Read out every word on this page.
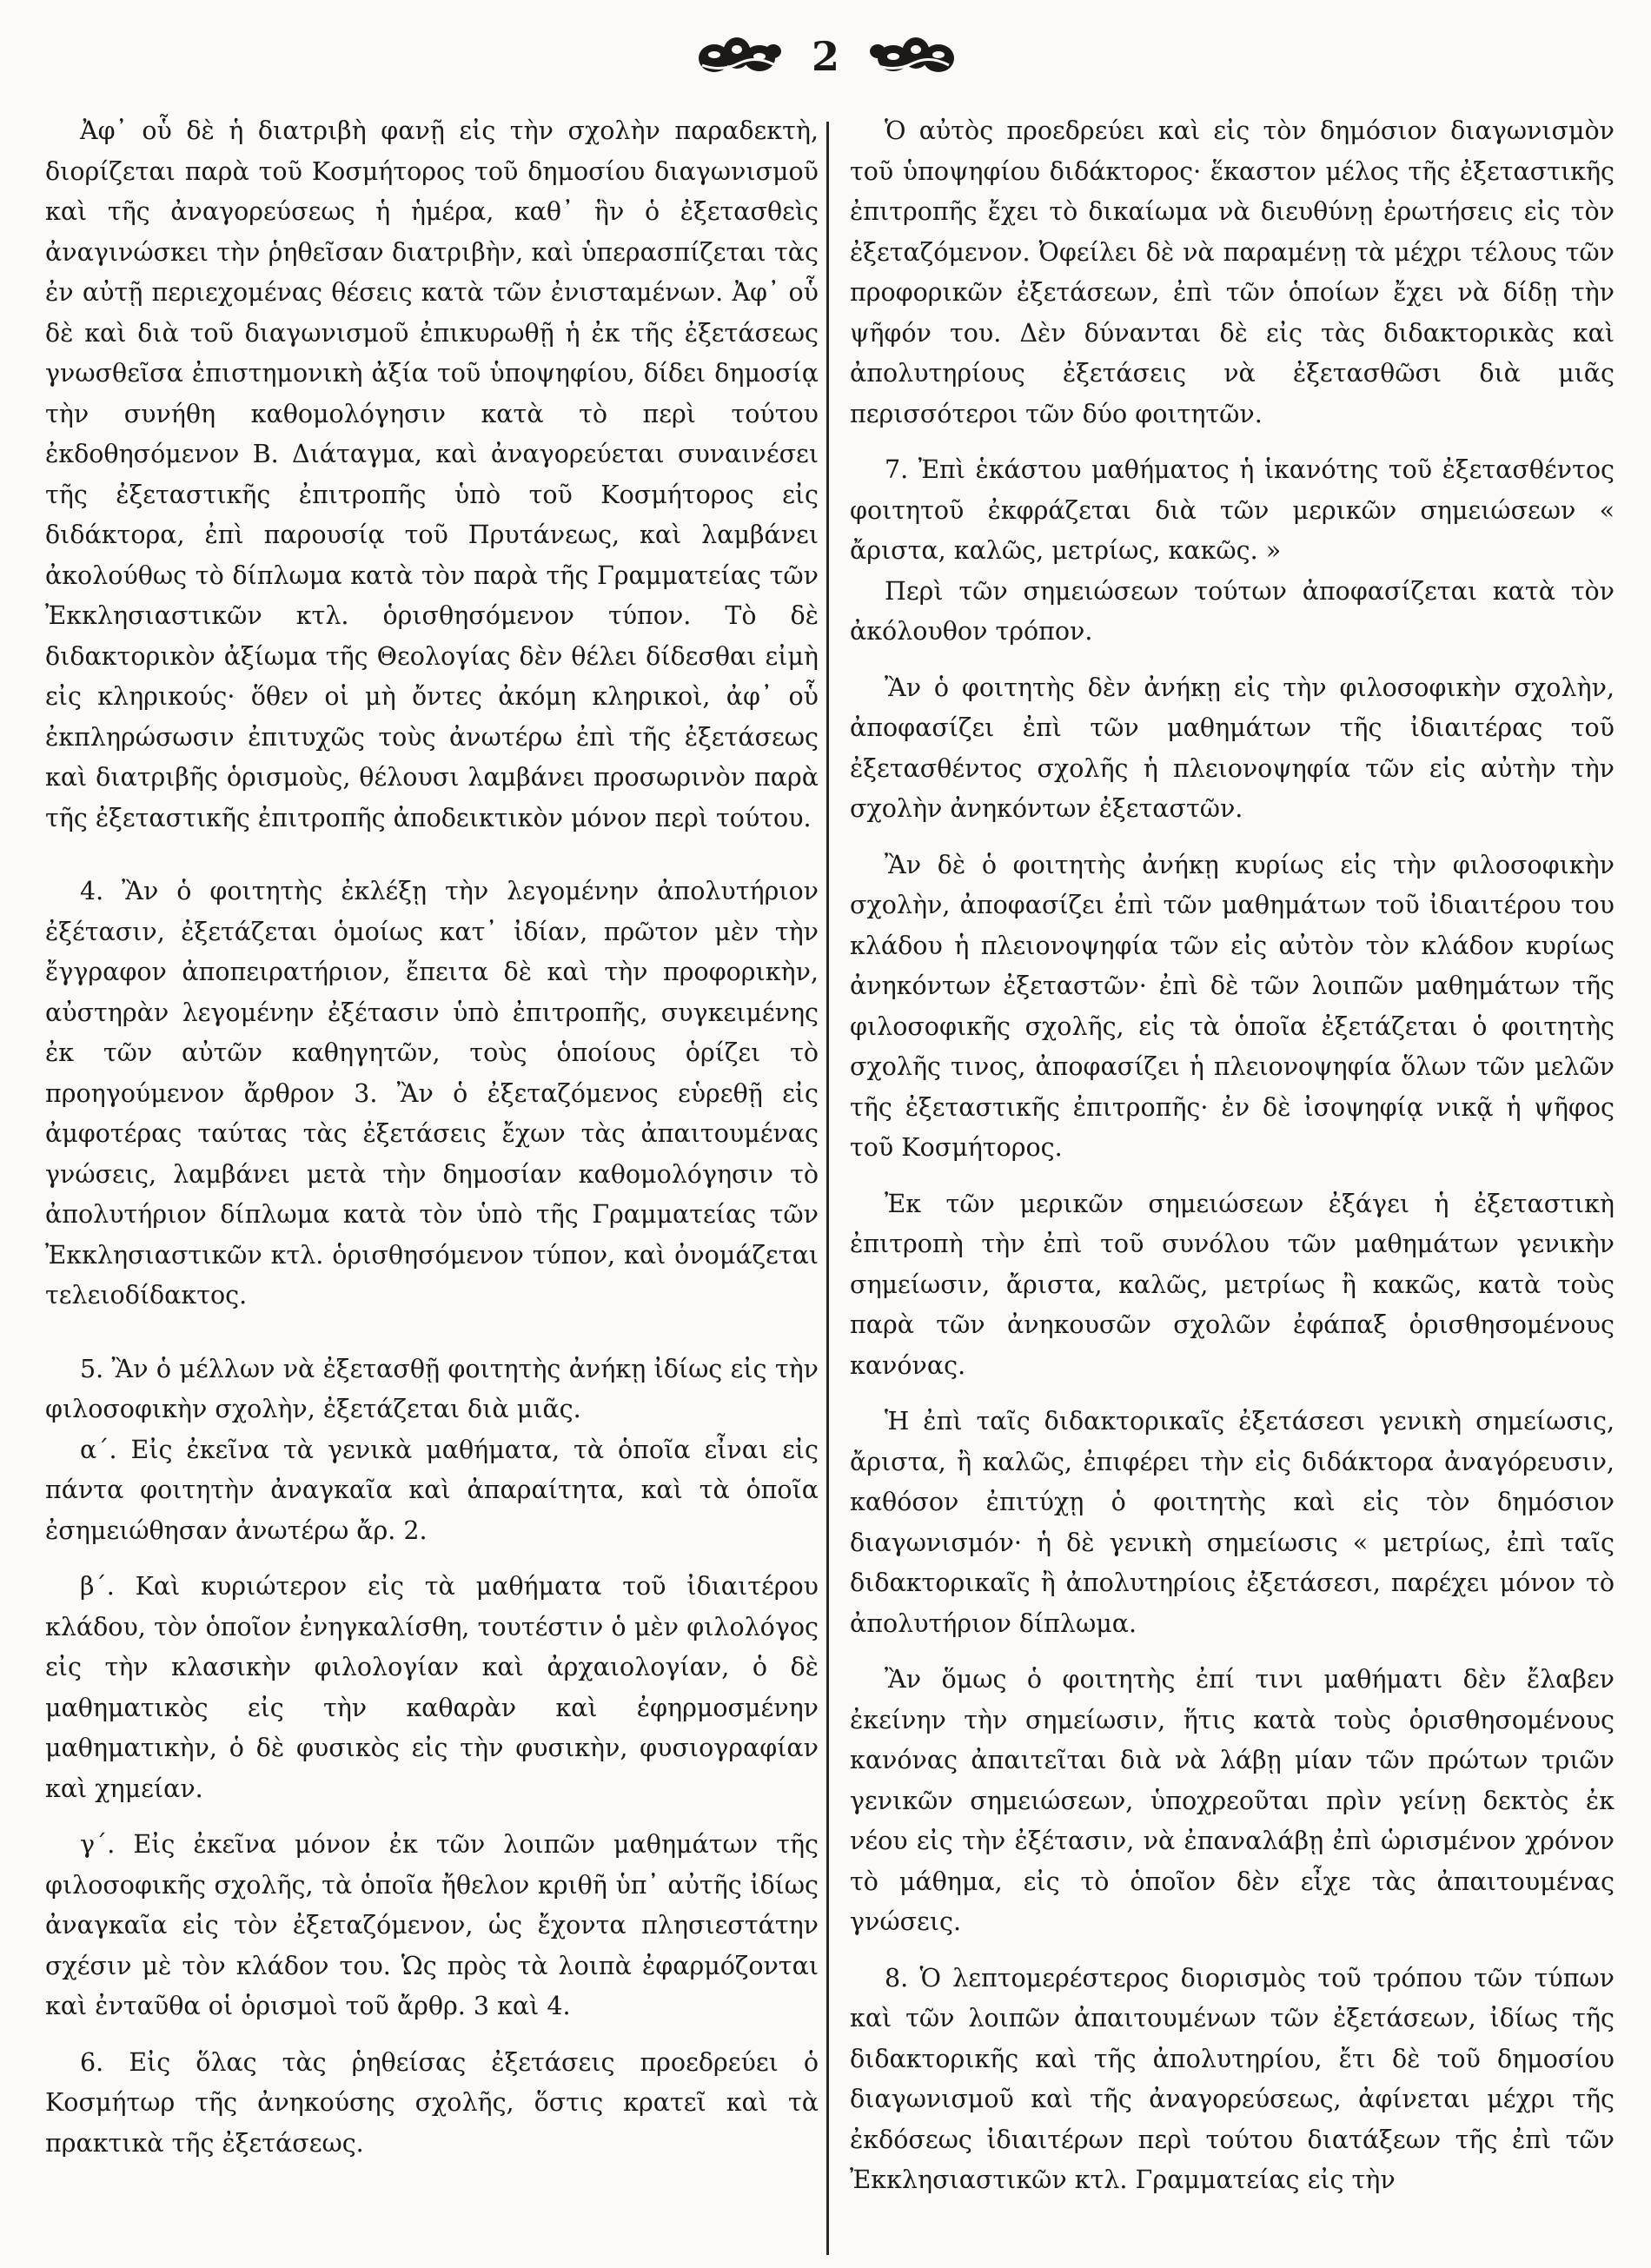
2

Ἀφ᾽ οὗ δὲ ἡ διατριβὴ φανῇ εἰς τὴν σχολὴν παραδεκτὴ, διορίζεται παρὰ τοῦ Κοσμήτορος τοῦ δημοσίου διαγωνισμοῦ καὶ τῆς ἀναγορεύσεως ἡ ἡμέρα, καθ᾽ ἣν ὁ ἐξετασθεὶς ἀναγινώσκει τὴν ῥηθεῖσαν διατριβὴν, καὶ ὑπερασπίζεται τὰς ἐν αὐτῇ περιεχομένας θέσεις κατὰ τῶν ἐνισταμένων. Ἀφ᾽ οὗ δὲ καὶ διὰ τοῦ διαγωνισμοῦ ἐπικυρωθῇ ἡ ἐκ τῆς ἐξετάσεως γνωσθεῖσα ἐπιστημονικὴ ἀξία τοῦ ὑποψηφίου, δίδει δημοσίᾳ τὴν συνήθη καθομολόγησιν κατὰ τὸ περὶ τούτου ἐκδοθησόμενον Β. Διάταγμα, καὶ ἀναγορεύεται συναινέσει τῆς ἐξεταστικῆς ἐπιτροπῆς ὑπὸ τοῦ Κοσμήτορος εἰς διδάκτορα, ἐπὶ παρουσίᾳ τοῦ Πρυτάνεως, καὶ λαμβάνει ἀκολούθως τὸ δίπλωμα κατὰ τὸν παρὰ τῆς Γραμματείας τῶν Ἐκκλησιαστικῶν κτλ. ὁρισθησόμενον τύπον. Τὸ δὲ διδακτορικὸν ἀξίωμα τῆς Θεολογίας δὲν θέλει δίδεσθαι εἰμὴ εἰς κληρικούς· ὅθεν οἱ μὴ ὄντες ἀκόμη κληρικοὶ, ἀφ᾽ οὗ ἐκπληρώσωσιν ἐπιτυχῶς τοὺς ἀνωτέρω ἐπὶ τῆς ἐξετάσεως καὶ διατριβῆς ὁρισμοὺς, θέλουσι λαμβάνει προσωρινὸν παρὰ τῆς ἐξεταστικῆς ἐπιτροπῆς ἀποδεικτικὸν μόνον περὶ τούτου.

4. Ἂν ὁ φοιτητὴς ἐκλέξῃ τὴν λεγομένην ἀπολυτήριον ἐξέτασιν, ἐξετάζεται ὁμοίως κατ᾽ ἰδίαν, πρῶτον μὲν τὴν ἔγγραφον ἀποπειρατήριον, ἔπειτα δὲ καὶ τὴν προφορικὴν, αὐστηρὰν λεγομένην ἐξέτασιν ὑπὸ ἐπιτροπῆς, συγκειμένης ἐκ τῶν αὐτῶν καθηγητῶν, τοὺς ὁποίους ὁρίζει τὸ προηγούμενον ἄρθρον 3. Ἂν ὁ ἐξεταζόμενος εὑρεθῇ εἰς ἀμφοτέρας ταύτας τὰς ἐξετάσεις ἔχων τὰς ἀπαιτουμένας γνώσεις, λαμβάνει μετὰ τὴν δημοσίαν καθομολόγησιν τὸ ἀπολυτήριον δίπλωμα κατὰ τὸν ὑπὸ τῆς Γραμματείας τῶν Ἐκκλησιαστικῶν κτλ. ὁρισθησόμενον τύπον, καὶ ὀνομάζεται τελειοδίδακτος.

5. Ἂν ὁ μέλλων νὰ ἐξετασθῇ φοιτητὴς ἀνήκῃ ἰδίως εἰς τὴν φιλοσοφικὴν σχολὴν, ἐξετάζεται διὰ μιᾶς.

α΄. Εἰς ἐκεῖνα τὰ γενικὰ μαθήματα, τὰ ὁποῖα εἶναι εἰς πάντα φοιτητὴν ἀναγκαῖα καὶ ἀπαραίτητα, καὶ τὰ ὁποῖα ἐσημειώθησαν ἀνωτέρω ἄρ. 2.

β΄. Καὶ κυριώτερον εἰς τὰ μαθήματα τοῦ ἰδιαιτέρου κλάδου, τὸν ὁποῖον ἐνηγκαλίσθη, τουτέστιν ὁ μὲν φιλολόγος εἰς τὴν κλασικὴν φιλολογίαν καὶ ἀρχαιολογίαν, ὁ δὲ μαθηματικὸς εἰς τὴν καθαρὰν καὶ ἐφηρμοσμένην μαθηματικὴν, ὁ δὲ φυσικὸς εἰς τὴν φυσικὴν, φυσιογραφίαν καὶ χημείαν.

γ΄. Εἰς ἐκεῖνα μόνον ἐκ τῶν λοιπῶν μαθημάτων τῆς φιλοσοφικῆς σχολῆς, τὰ ὁποῖα ἤθελον κριθῆ ὑπ᾽ αὐτῆς ἰδίως ἀναγκαῖα εἰς τὸν ἐξεταζόμενον, ὡς ἔχοντα πλησιεστάτην σχέσιν μὲ τὸν κλάδον του. Ὡς πρὸς τὰ λοιπὰ ἐφαρμόζονται καὶ ἐνταῦθα οἱ ὁρισμοὶ τοῦ ἄρθρ. 3 καὶ 4.

6. Εἰς ὅλας τὰς ῥηθείσας ἐξετάσεις προεδρεύει ὁ Κοσμήτωρ τῆς ἀνηκούσης σχολῆς, ὅστις κρατεῖ καὶ τὰ πρακτικὰ τῆς ἐξετάσεως.

Ὁ αὐτὸς προεδρεύει καὶ εἰς τὸν δημόσιον διαγωνισμὸν τοῦ ὑποψηφίου διδάκτορος· ἕκαστον μέλος τῆς ἐξεταστικῆς ἐπιτροπῆς ἔχει τὸ δικαίωμα νὰ διευθύνῃ ἐρωτήσεις εἰς τὸν ἐξεταζόμενον. Ὀφείλει δὲ νὰ παραμένῃ τὰ μέχρι τέλους τῶν προφορικῶν ἐξετάσεων, ἐπὶ τῶν ὁποίων ἔχει νὰ δίδῃ τὴν ψῆφόν του. Δὲν δύνανται δὲ εἰς τὰς διδακτορικὰς καὶ ἀπολυτηρίους ἐξετάσεις νὰ ἐξετασθῶσι διὰ μιᾶς περισσότεροι τῶν δύο φοιτητῶν.

7. Ἐπὶ ἑκάστου μαθήματος ἡ ἱκανότης τοῦ ἐξετασθέντος φοιτητοῦ ἐκφράζεται διὰ τῶν μερικῶν σημειώσεων « ἄριστα, καλῶς, μετρίως, κακῶς. »

Περὶ τῶν σημειώσεων τούτων ἀποφασίζεται κατὰ τὸν ἀκόλουθον τρόπον.

Ἂν ὁ φοιτητὴς δὲν ἀνήκῃ εἰς τὴν φιλοσοφικὴν σχολὴν, ἀποφασίζει ἐπὶ τῶν μαθημάτων τῆς ἰδιαιτέρας τοῦ ἐξετασθέντος σχολῆς ἡ πλειονοψηφία τῶν εἰς αὐτὴν τὴν σχολὴν ἀνηκόντων ἐξεταστῶν.

Ἂν δὲ ὁ φοιτητὴς ἀνήκῃ κυρίως εἰς τὴν φιλοσοφικὴν σχολὴν, ἀποφασίζει ἐπὶ τῶν μαθημάτων τοῦ ἰδιαιτέρου του κλάδου ἡ πλειονοψηφία τῶν εἰς αὐτὸν τὸν κλάδον κυρίως ἀνηκόντων ἐξεταστῶν· ἐπὶ δὲ τῶν λοιπῶν μαθημάτων τῆς φιλοσοφικῆς σχολῆς, εἰς τὰ ὁποῖα ἐξετάζεται ὁ φοιτητὴς σχολῆς τινος, ἀποφασίζει ἡ πλειονοψηφία ὅλων τῶν μελῶν τῆς ἐξεταστικῆς ἐπιτροπῆς· ἐν δὲ ἰσοψηφίᾳ νικᾷ ἡ ψῆφος τοῦ Κοσμήτορος.

Ἐκ τῶν μερικῶν σημειώσεων ἐξάγει ἡ ἐξεταστικὴ ἐπιτροπὴ τὴν ἐπὶ τοῦ συνόλου τῶν μαθημάτων γενικὴν σημείωσιν, ἄριστα, καλῶς, μετρίως ἢ κακῶς, κατὰ τοὺς παρὰ τῶν ἀνηκουσῶν σχολῶν ἐφάπαξ ὁρισθησομένους κανόνας.

Ἡ ἐπὶ ταῖς διδακτορικαῖς ἐξετάσεσι γενικὴ σημείωσις, ἄριστα, ἢ καλῶς, ἐπιφέρει τὴν εἰς διδάκτορα ἀναγόρευσιν, καθόσον ἐπιτύχῃ ὁ φοιτητὴς καὶ εἰς τὸν δημόσιον διαγωνισμόν· ἡ δὲ γενικὴ σημείωσις « μετρίως, ἐπὶ ταῖς διδακτορικαῖς ἢ ἀπολυτηρίοις ἐξετάσεσι, παρέχει μόνον τὸ ἀπολυτήριον δίπλωμα.

Ἂν ὅμως ὁ φοιτητὴς ἐπί τινι μαθήματι δὲν ἔλαβεν ἐκείνην τὴν σημείωσιν, ἥτις κατὰ τοὺς ὁρισθησομένους κανόνας ἀπαιτεῖται διὰ νὰ λάβῃ μίαν τῶν πρώτων τριῶν γενικῶν σημειώσεων, ὑποχρεοῦται πρὶν γείνῃ δεκτὸς ἐκ νέου εἰς τὴν ἐξέτασιν, νὰ ἐπαναλάβῃ ἐπὶ ὡρισμένον χρόνον τὸ μάθημα, εἰς τὸ ὁποῖον δὲν εἶχε τὰς ἀπαιτουμένας γνώσεις.

8. Ὁ λεπτομερέστερος διορισμὸς τοῦ τρόπου τῶν τύπων καὶ τῶν λοιπῶν ἀπαιτουμένων τῶν ἐξετάσεων, ἰδίως τῆς διδακτορικῆς καὶ τῆς ἀπολυτηρίου, ἔτι δὲ τοῦ δημοσίου διαγωνισμοῦ καὶ τῆς ἀναγορεύσεως, ἀφίνεται μέχρι τῆς ἐκδόσεως ἰδιαιτέρων περὶ τούτου διατάξεων τῆς ἐπὶ τῶν Ἐκκλησιαστικῶν κτλ. Γραμματείας εἰς τὴν
